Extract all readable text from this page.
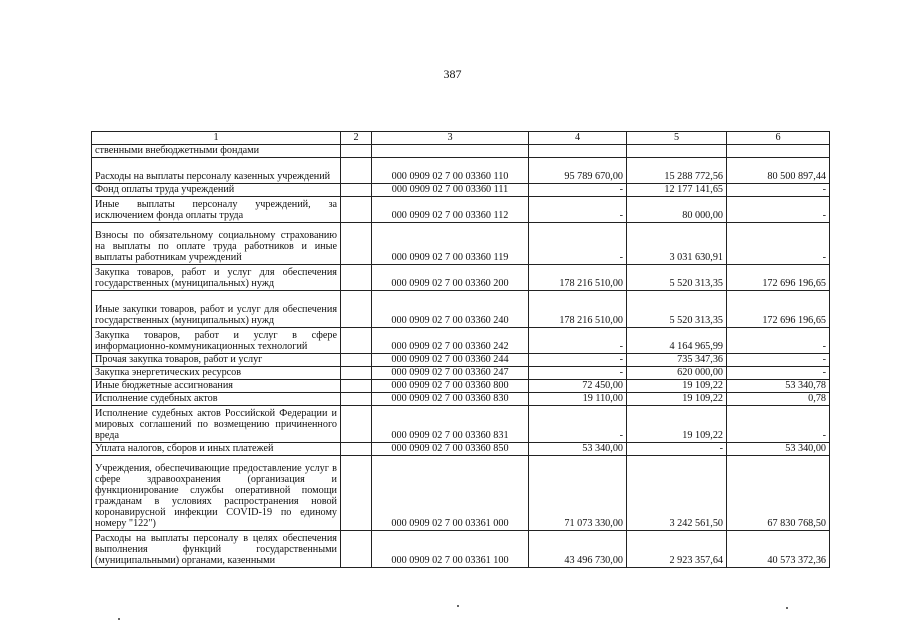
387
1	2	3	4	5	6
ственными внебюджетными фондами					
Расходы на выплаты персоналу казенных учреждений		000 0909 02 7 00 03360 110	95 789 670,00	15 288 772,56	80 500 897,44
Фонд оплаты труда учреждений		000 0909 02 7 00 03360 111	-	12 177 141,65	-
Иные выплаты персоналу учреждений, за исключением фонда оплаты труда		000 0909 02 7 00 03360 112	-	80 000,00	-
Взносы по обязательному социальному страхованию на выплаты по оплате труда работников и иные выплаты работникам учреждений		000 0909 02 7 00 03360 119	-	3 031 630,91	-
Закупка товаров, работ и услуг для обеспечения государственных (муниципальных) нужд		000 0909 02 7 00 03360 200	178 216 510,00	5 520 313,35	172 696 196,65
Иные закупки товаров, работ и услуг для обеспечения государственных (муниципальных) нужд		000 0909 02 7 00 03360 240	178 216 510,00	5 520 313,35	172 696 196,65
Закупка товаров, работ и услуг в сфере информационно-коммуникационных технологий		000 0909 02 7 00 03360 242	-	4 164 965,99	-
Прочая закупка товаров, работ и услуг		000 0909 02 7 00 03360 244	-	735 347,36	-
Закупка энергетических ресурсов		000 0909 02 7 00 03360 247	-	620 000,00	-
Иные бюджетные ассигнования		000 0909 02 7 00 03360 800	72 450,00	19 109,22	53 340,78
Исполнение судебных актов		000 0909 02 7 00 03360 830	19 110,00	19 109,22	0,78
Исполнение судебных актов Российской Федерации и мировых соглашений по возмещению причиненного вреда		000 0909 02 7 00 03360 831	-	19 109,22	-
Уплата налогов, сборов и иных платежей		000 0909 02 7 00 03360 850	53 340,00	-	53 340,00
Учреждения, обеспечивающие предоставление услуг в сфере здравоохранения (организация и функционирование службы оперативной помощи гражданам в условиях распространения новой коронавирусной инфекции COVID-19 по единому номеру "122")		000 0909 02 7 00 03361 000	71 073 330,00	3 242 561,50	67 830 768,50
Расходы на выплаты персоналу в целях обеспечения выполнения функций государственными (муниципальными) органами, казенными		000 0909 02 7 00 03361 100	43 496 730,00	2 923 357,64	40 573 372,36
